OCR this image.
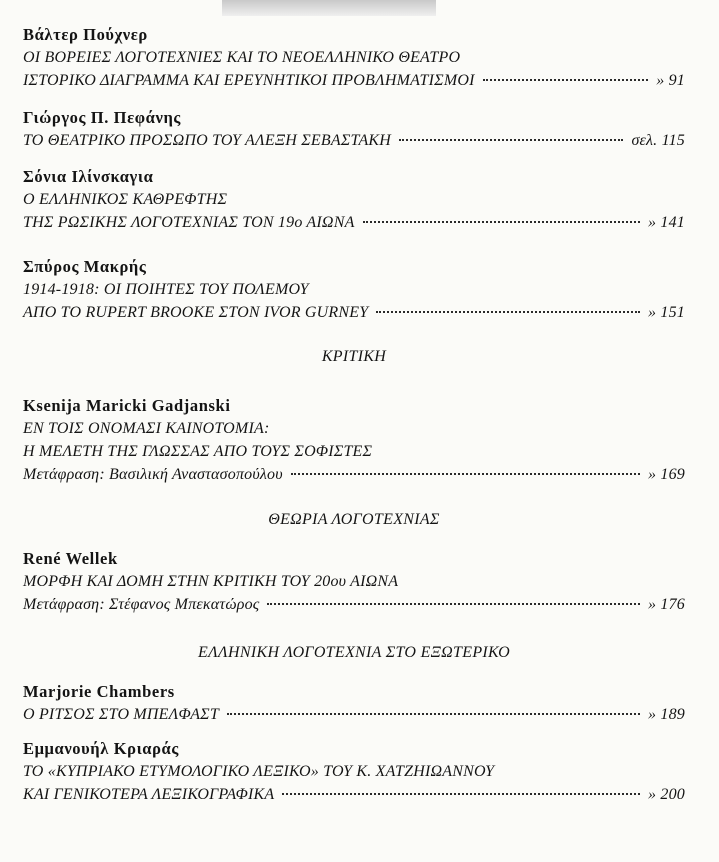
Βάλτερ Πούχνερ
ΟΙ ΒΟΡΕΙΕΣ ΛΟΓΟΤΕΧΝΙΕΣ ΚΑΙ ΤΟ ΝΕΟΕΛΛΗΝΙΚΟ ΘΕΑΤΡΟ
ΙΣΤΟΡΙΚΟ ΔΙΑΓΡΑΜΜΑ ΚΑΙ ΕΡΕΥΝΗΤΙΚΟΙ ΠΡΟΒΛΗΜΑΤΙΣΜΟΙ	» 91
Γιώργος Π. Πεφάνης
ΤΟ ΘΕΑΤΡΙΚΟ ΠΡΟΣΩΠΟ ΤΟΥ ΑΛΕΞΗ ΣΕΒΑΣΤΑΚΗ	σελ. 115
Σόνια Ιλίνσκαγια
Ο ΕΛΛΗΝΙΚΟΣ ΚΑΘΡΕΦΤΗΣ
ΤΗΣ ΡΩΣΙΚΗΣ ΛΟΓΟΤΕΧΝΙΑΣ ΤΟΝ 19ο ΑΙΩΝΑ	» 141
Σπύρος Μακρής
1914-1918: ΟΙ ΠΟΙΗΤΕΣ ΤΟΥ ΠΟΛΕΜΟΥ
ΑΠΟ ΤΟ RUPERT BROOKE ΣΤΟΝ IVOR GURNEY	» 151
ΚΡΙΤΙΚΗ
Ksenija Maricki Gadjanski
ΕΝ ΤΟΙΣ ΟΝΟΜΑΣΙ ΚΑΙΝΟΤΟΜΙΑ:
Η ΜΕΛΕΤΗ ΤΗΣ ΓΛΩΣΣΑΣ ΑΠΟ ΤΟΥΣ ΣΟΦΙΣΤΕΣ
Μετάφραση: Βασιλική Αναστασοπούλου	» 169
ΘΕΩΡΙΑ ΛΟΓΟΤΕΧΝΙΑΣ
René Wellek
ΜΟΡΦΗ ΚΑΙ ΔΟΜΗ ΣΤΗΝ ΚΡΙΤΙΚΗ ΤΟΥ 20ου ΑΙΩΝΑ
Μετάφραση: Στέφανος Μπεκατώρος	» 176
ΕΛΛΗΝΙΚΗ ΛΟΓΟΤΕΧΝΙΑ ΣΤΟ ΕΞΩΤΕΡΙΚΟ
Marjorie Chambers
Ο ΡΙΤΣΟΣ ΣΤΟ ΜΠΕΛΦΑΣΤ	» 189
Εμμανουήλ Κριαράς
ΤΟ «ΚΥΠΡΙΑΚΟ ΕΤΥΜΟΛΟΓΙΚΟ ΛΕΞΙΚΟ» ΤΟΥ Κ. ΧΑΤΖΗΙΩΑΝΝΟΥ
ΚΑΙ ΓΕΝΙΚΟΤΕΡΑ ΛΕΞΙΚΟΓΡΑΦΙΚΑ	» 200
